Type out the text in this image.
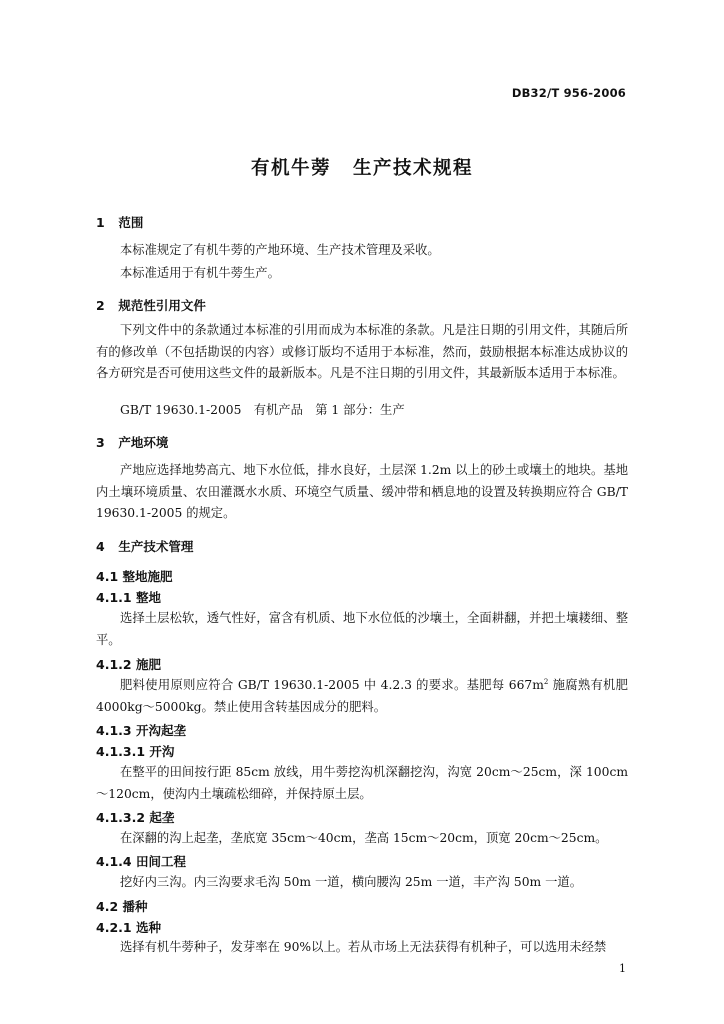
DB32/T 956-2006
有机牛蒡 生产技术规程
1 范围
本标准规定了有机牛蒡的产地环境、生产技术管理及采收。
本标准适用于有机牛蒡生产。
2 规范性引用文件
下列文件中的条款通过本标准的引用而成为本标准的条款。凡是注日期的引用文件，其随后所有的修改单（不包括勘误的内容）或修订版均不适用于本标准，然而，鼓励根据本标准达成协议的各方研究是否可使用这些文件的最新版本。凡是不注日期的引用文件，其最新版本适用于本标准。
GB/T 19630.1-2005　有机产品　第 1 部分：生产
3 产地环境
产地应选择地势高亢、地下水位低，排水良好，土层深 1.2m 以上的砂土或壤土的地块。基地内土壤环境质量、农田灌溉水水质、环境空气质量、缓冲带和栖息地的设置及转换期应符合 GB/T 19630.1-2005 的规定。
4 生产技术管理
4.1 整地施肥
4.1.1 整地
选择土层松软，透气性好，富含有机质、地下水位低的沙壤土，全面耕翻，并把土壤耧细、整平。
4.1.2 施肥
肥料使用原则应符合 GB/T 19630.1-2005 中 4.2.3 的要求。基肥每 $667m^2$ 施腐熟有机肥 4000kg～5000kg。禁止使用含转基因成分的肥料。
4.1.3 开沟起垄
4.1.3.1 开沟
在整平的田间按行距 85cm 放线，用牛蒡挖沟机深翻挖沟，沟宽 20cm～25cm，深 100cm～120cm，使沟内土壤疏松细碎，并保持原土层。
4.1.3.2 起垄
在深翻的沟上起垄，垄底宽 35cm～40cm，垄高 15cm～20cm，顶宽 20cm～25cm。
4.1.4 田间工程
挖好内三沟。内三沟要求毛沟 50m 一道，横向腰沟 25m 一道，丰产沟 50m 一道。
4.2 播种
4.2.1 选种
选择有机牛蒡种子，发芽率在 90%以上。若从市场上无法获得有机种子，可以选用未经禁
1
